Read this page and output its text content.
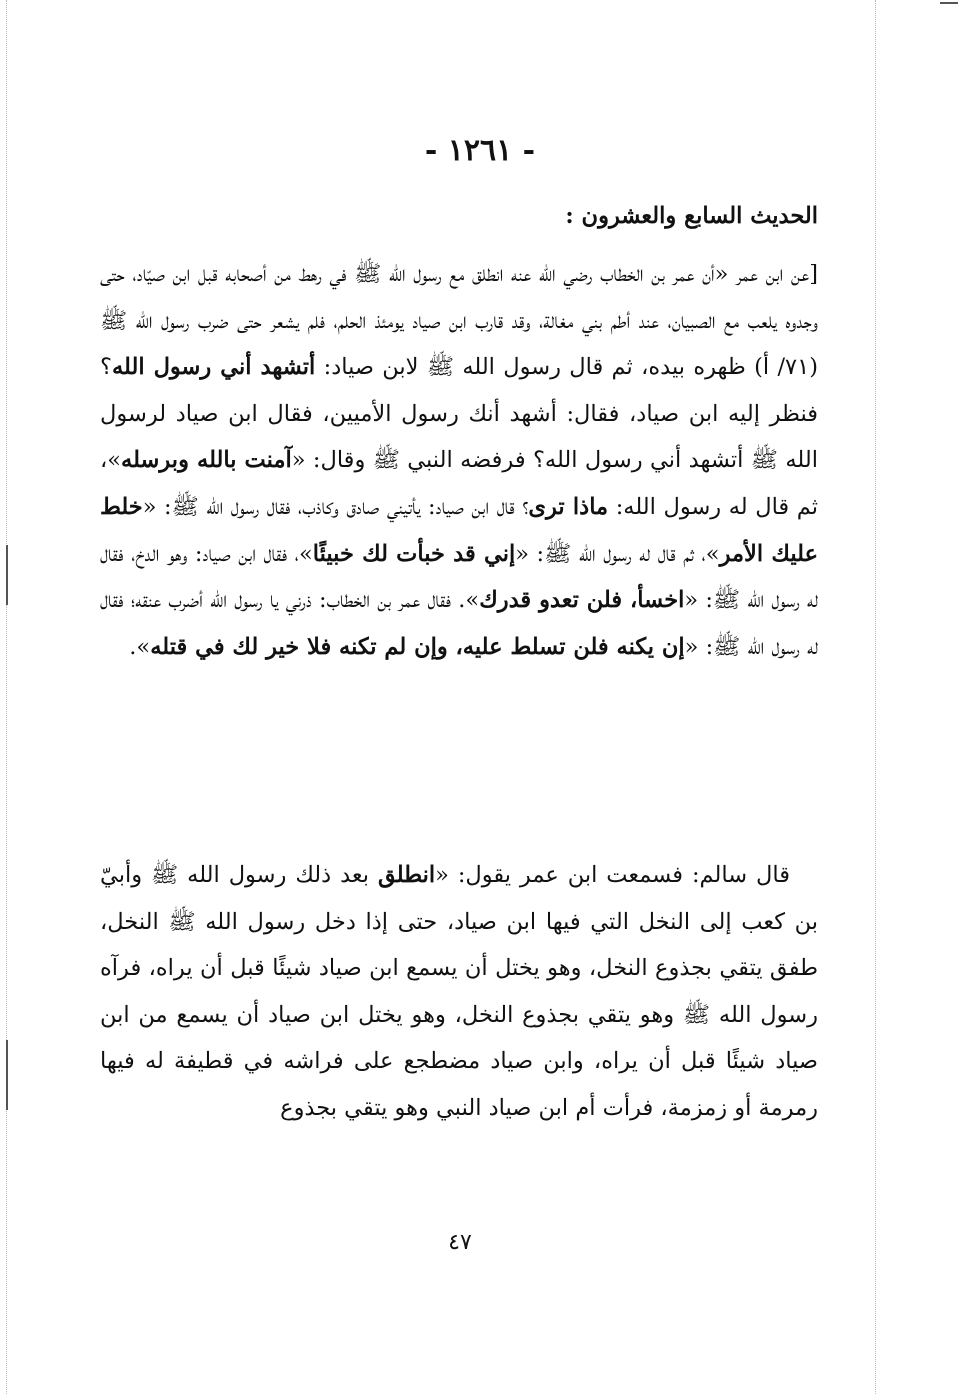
- ١٢٦١ -
الحديث السابع والعشرون :
[عن ابن عمر «أن عمر بن الخطاب رضي الله عنه انطلق مع رسول الله ﷺ في رهط من أصحابه قبل ابن صيّاد، حتى وجدوه يلعب مع الصبيان، عند أطم بني مغالة، وقد قارب ابن صياد يومئذ الحلم، فلم يشعر حتى ضرب رسول الله ﷺ (٧١/ أ) ظهره بيده، ثم قال رسول الله ﷺ لابن صياد: أتشهد أني رسول الله؟ فنظر إليه ابن صياد، فقال: أشهد أنك رسول الأميين، فقال ابن صياد لرسول الله ﷺ أتشهد أني رسول الله؟ فرفضه النبي ﷺ وقال: «آمنت بالله وبرسله»، ثم قال له رسول الله: ماذا ترى؟ قال ابن صياد: يأتيني صادق وكاذب، فقال رسول الله ﷺ: «خلط عليك الأمر»، ثم قال له رسول الله ﷺ: «إني قد خبأت لك خبيئًا»، فقال ابن صياد: وهو الدخ، فقال له رسول الله ﷺ: «اخسأ، فلن تعدو قدرك». فقال عمر بن الخطاب: ذرني يا رسول الله أضرب عنقه؛ فقال له رسول الله ﷺ: «إن يكنه فلن تسلط عليه، وإن لم تكنه فلا خير لك في قتله».
قال سالم: فسمعت ابن عمر يقول: «انطلق بعد ذلك رسول الله ﷺ وأبيّ بن كعب إلى النخل التي فيها ابن صياد، حتى إذا دخل رسول الله ﷺ النخل، طفق يتقي بجذوع النخل، وهو يختل أن يسمع ابن صياد شيئًا قبل أن يراه، فرآه رسول الله ﷺ وهو يتقي بجذوع النخل، وهو يختل ابن صياد أن يسمع من ابن صياد شيئًا قبل أن يراه، وابن صياد مضطجع على فراشه في قطيفة له فيها رمرمة أو زمزمة، فرأت أم ابن صياد النبي وهو يتقي بجذوع
٤٧
